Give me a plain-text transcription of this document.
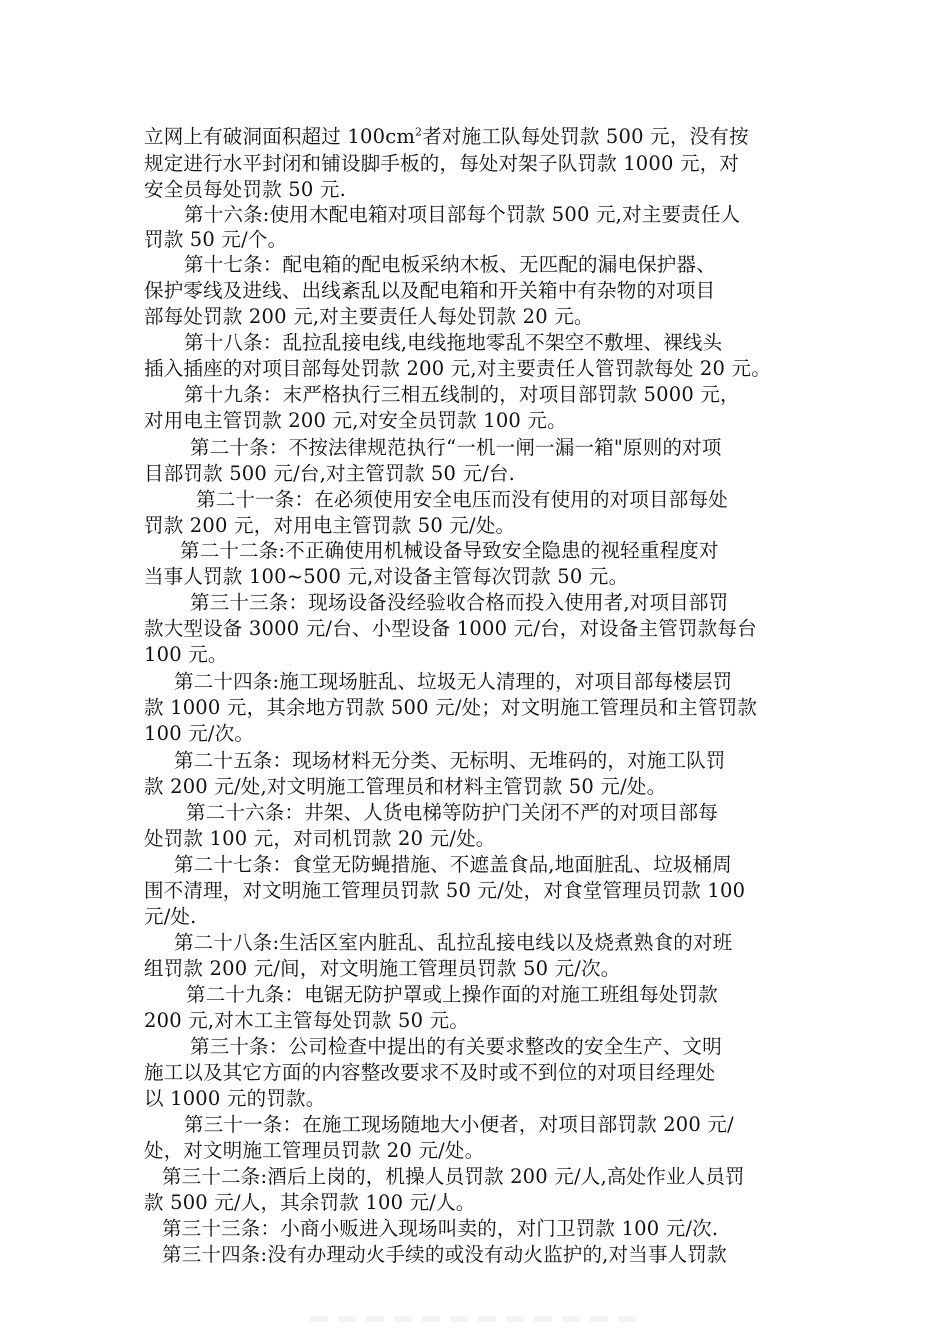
立网上有破洞面积超过 $100cm^2$者对施工队每处罚款 500 元，没有按
规定进行水平封闭和铺设脚手板的，每处对架子队罚款 1000 元，对
安全员每处罚款 50 元.
第十六条:使用木配电箱对项目部每个罚款 500 元,对主要责任人
罚款 50 元/个。
第十七条：配电箱的配电板采纳木板、无匹配的漏电保护器、
保护零线及进线、出线紊乱以及配电箱和开关箱中有杂物的对项目
部每处罚款 200 元,对主要责任人每处罚款 20 元。
第十八条：乱拉乱接电线,电线拖地零乱不架空不敷埋、裸线头
插入插座的对项目部每处罚款 200 元,对主要责任人管罚款每处 20 元。
第十九条：末严格执行三相五线制的，对项目部罚款 5000 元，
对用电主管罚款 200 元,对安全员罚款 100 元。
第二十条：不按法律规范执行“一机一闸一漏一箱"原则的对项
目部罚款 500 元/台,对主管罚款 50 元/台.
第二十一条：在必须使用安全电压而没有使用的对项目部每处
罚款 200 元，对用电主管罚款 50 元/处。
第二十二条:不正确使用机械设备导致安全隐患的视轻重程度对
当事人罚款 100~500 元,对设备主管每次罚款 50 元。
第三十三条：现场设备没经验收合格而投入使用者,对项目部罚
款大型设备 3000 元/台、小型设备 1000 元/台，对设备主管罚款每台
100 元。
第二十四条:施工现场脏乱、垃圾无人清理的，对项目部每楼层罚
款 1000 元，其余地方罚款 500 元/处；对文明施工管理员和主管罚款
100 元/次。
第二十五条：现场材料无分类、无标明、无堆码的，对施工队罚
款 200 元/处,对文明施工管理员和材料主管罚款 50 元/处。
第二十六条：井架、人货电梯等防护门关闭不严的对项目部每
处罚款 100 元，对司机罚款 20 元/处。
第二十七条：食堂无防蝇措施、不遮盖食品,地面脏乱、垃圾桶周
围不清理，对文明施工管理员罚款 50 元/处，对食堂管理员罚款 100
元/处.
第二十八条:生活区室内脏乱、乱拉乱接电线以及烧煮熟食的对班
组罚款 200 元/间，对文明施工管理员罚款 50 元/次。
第二十九条：电锯无防护罩或上操作面的对施工班组每处罚款
200 元,对木工主管每处罚款 50 元。
第三十条：公司检查中提出的有关要求整改的安全生产、文明
施工以及其它方面的内容整改要求不及时或不到位的对项目经理处
以 1000 元的罚款。
第三十一条：在施工现场随地大小便者，对项目部罚款 200 元/
处，对文明施工管理员罚款 20 元/处。
第三十二条:酒后上岗的，机操人员罚款 200 元/人,高处作业人员罚
款 500 元/人，其余罚款 100 元/人。
第三十三条：小商小贩进入现场叫卖的，对门卫罚款 100 元/次.
第三十四条:没有办理动火手续的或没有动火监护的,对当事人罚款
